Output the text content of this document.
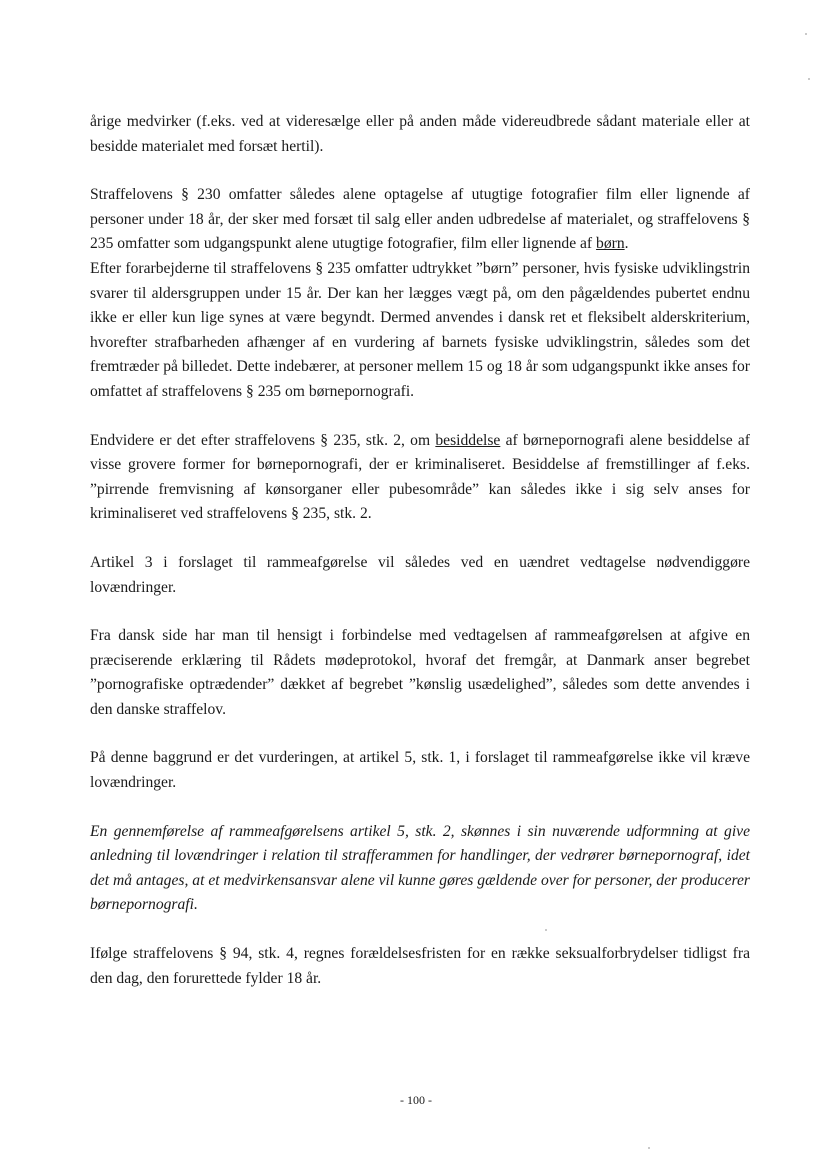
årige medvirker (f.eks. ved at videresælge eller på anden måde videreudbrede sådant materiale eller at besidde materialet med forsæt hertil).

Straffelovens § 230 omfatter således alene optagelse af utugtige fotografier film eller lignende af personer under 18 år, der sker med forsæt til salg eller anden udbredelse af materialet, og straffelovens § 235 omfatter som udgangspunkt alene utugtige fotografier, film eller lignende af børn.

Efter forarbejderne til straffelovens § 235 omfatter udtrykket ”børn” personer, hvis fysiske udviklingstrin svarer til aldersgruppen under 15 år. Der kan her lægges vægt på, om den pågældendes pubertet endnu ikke er eller kun lige synes at være begyndt. Dermed anvendes i dansk ret et fleksibelt alderskriterium, hvorefter strafbarheden afhænger af en vurdering af barnets fysiske udviklingstrin, således som det fremtræder på billedet. Dette indebærer, at personer mellem 15 og 18 år som udgangspunkt ikke anses for omfattet af straffelovens § 235 om børnepornografi.

Endvidere er det efter straffelovens § 235, stk. 2, om besiddelse af børnepornografi alene besiddelse af visse grovere former for børnepornografi, der er kriminaliseret. Besiddelse af fremstillinger af f.eks. ”pirrende fremvisning af kønsorganer eller pubesområde” kan således ikke i sig selv anses for kriminaliseret ved straffelovens § 235, stk. 2.

Artikel 3 i forslaget til rammeafgørelse vil således ved en uændret vedtagelse nødvendiggøre lovændringer.

Fra dansk side har man til hensigt i forbindelse med vedtagelsen af rammeafgørelsen at afgive en præciserende erklæring til Rådets mødeprotokol, hvoraf det fremgår, at Danmark anser begrebet ”pornografiske optrædender” dækket af begrebet ”kønslig usædelighed”, således som dette anvendes i den danske straffelov.

På denne baggrund er det vurderingen, at artikel 5, stk. 1, i forslaget til rammeafgørelse ikke vil kræve lovændringer.

En gennemførelse af rammeafgørelsens artikel 5, stk. 2, skønnes i sin nuværende udformning at give anledning til lovændringer i relation til strafferammen for handlinger, der vedrører børnepornograf, idet det må antages, at et medvirkensansvar alene vil kunne gøres gældende over for personer, der producerer børnepornografi.

Ifølge straffelovens § 94, stk. 4, regnes forældelsesfristen for en række seksualforbrydelser tidligst fra den dag, den forurettede fylder 18 år.

- 100 -
